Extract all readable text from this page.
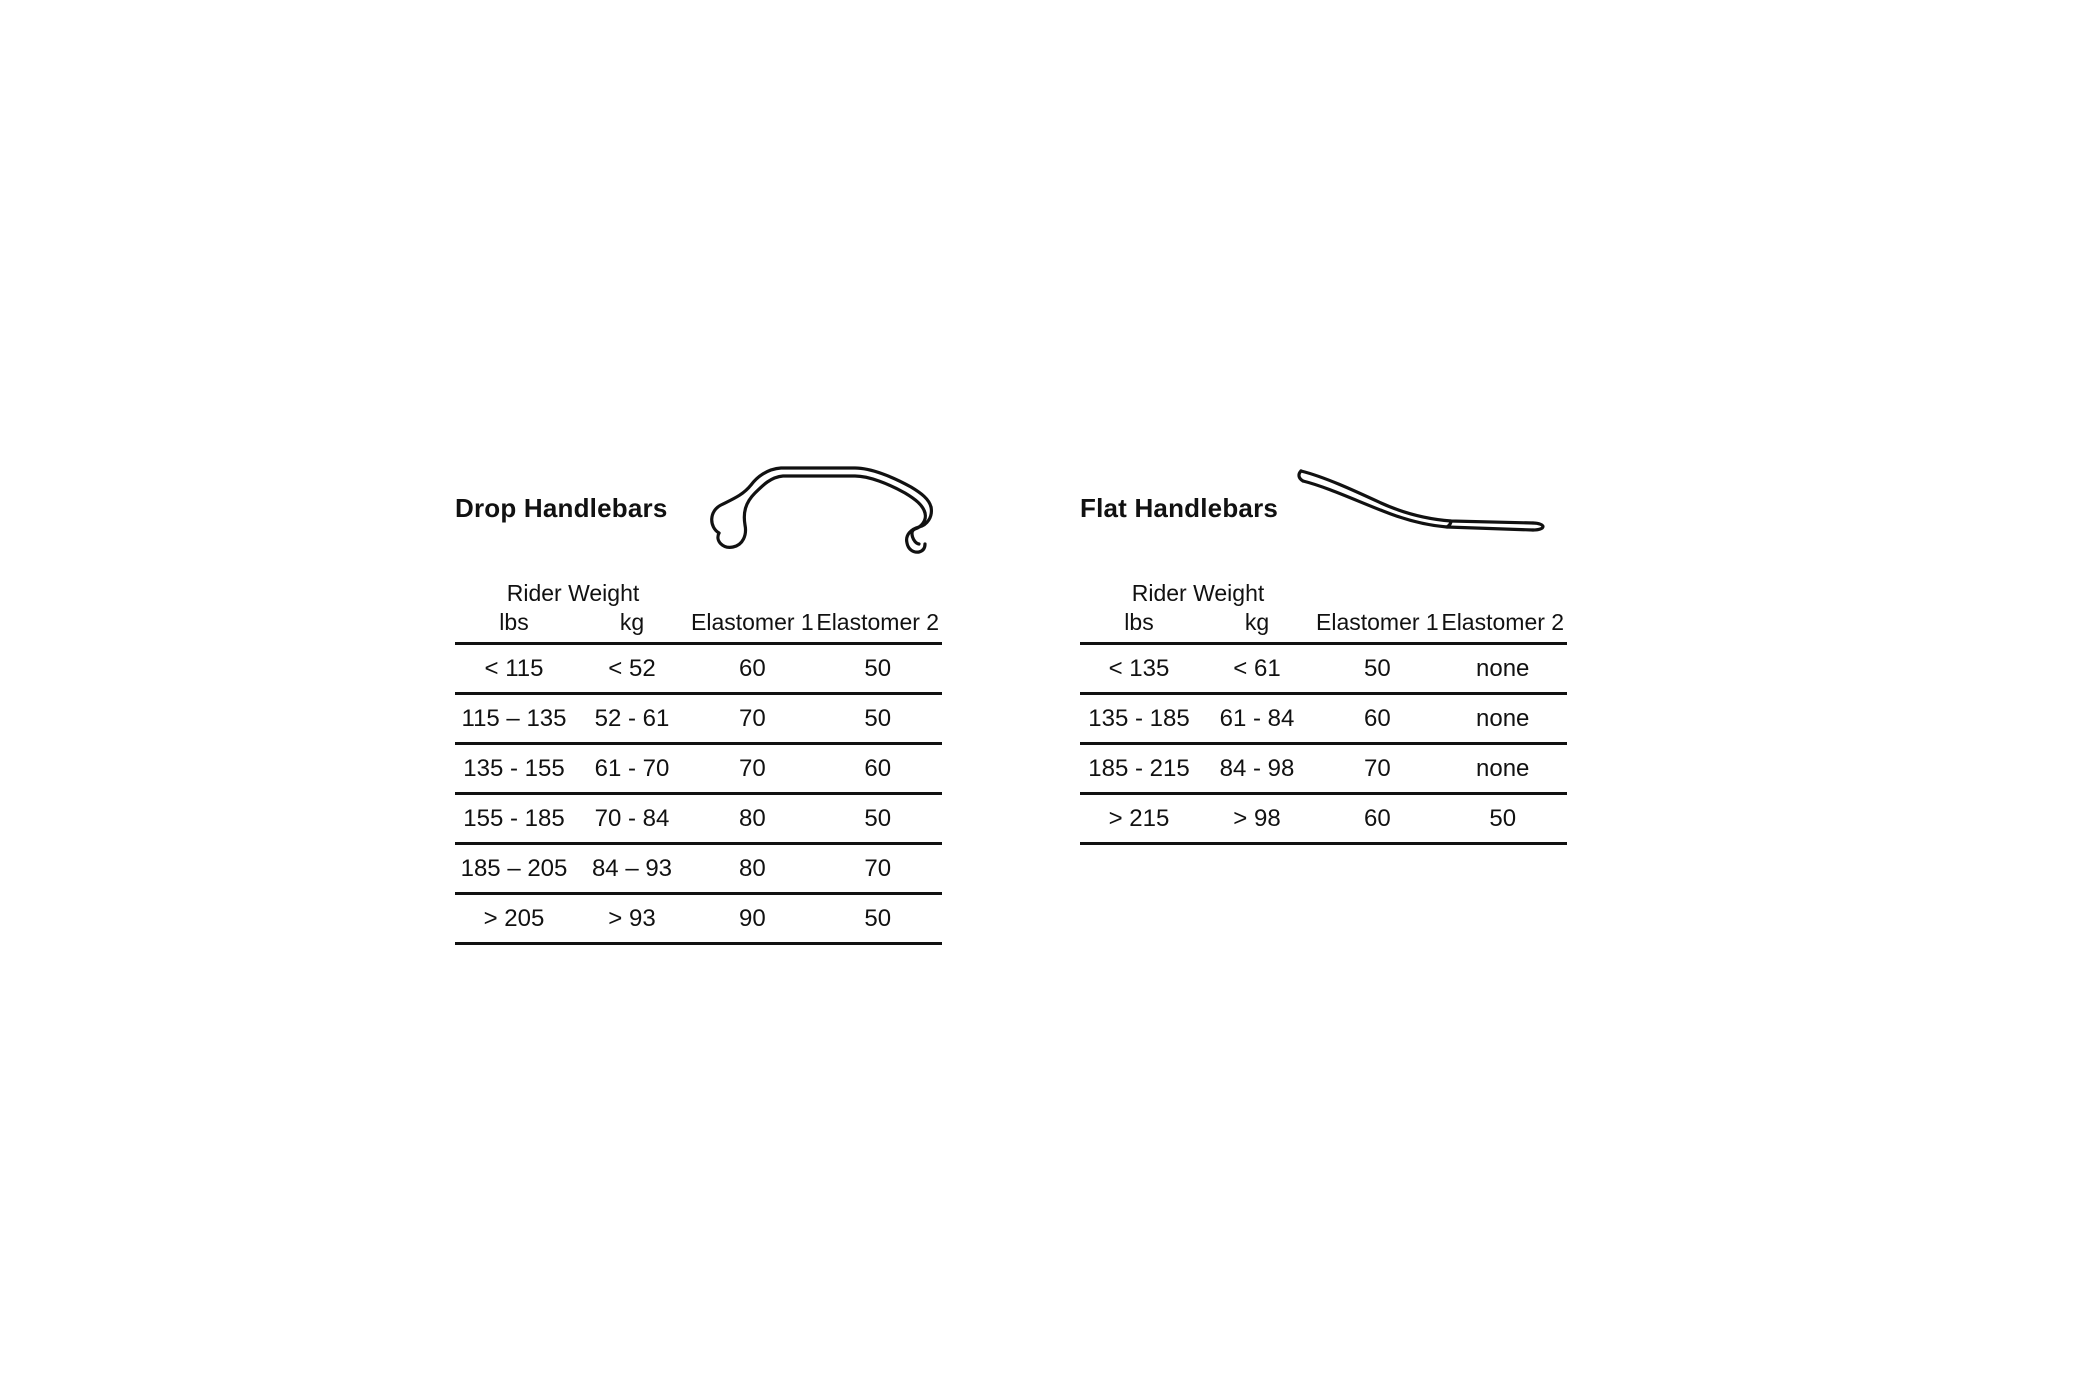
Drop Handlebars
Rider Weight		Elastomer 1	Elastomer 2
lbs	kg		
< 115	< 52	60	50
115 – 135	52 - 61	70	50
135 - 155	61 - 70	70	60
155 - 185	70 - 84	80	50
185 – 205	84 – 93	80	70
> 205	> 93	90	50
Flat Handlebars
Rider Weight		Elastomer 1	Elastomer 2
lbs	kg		
< 135	< 61	50	none
135 - 185	61 - 84	60	none
185 - 215	84 - 98	70	none
> 215	> 98	60	50
